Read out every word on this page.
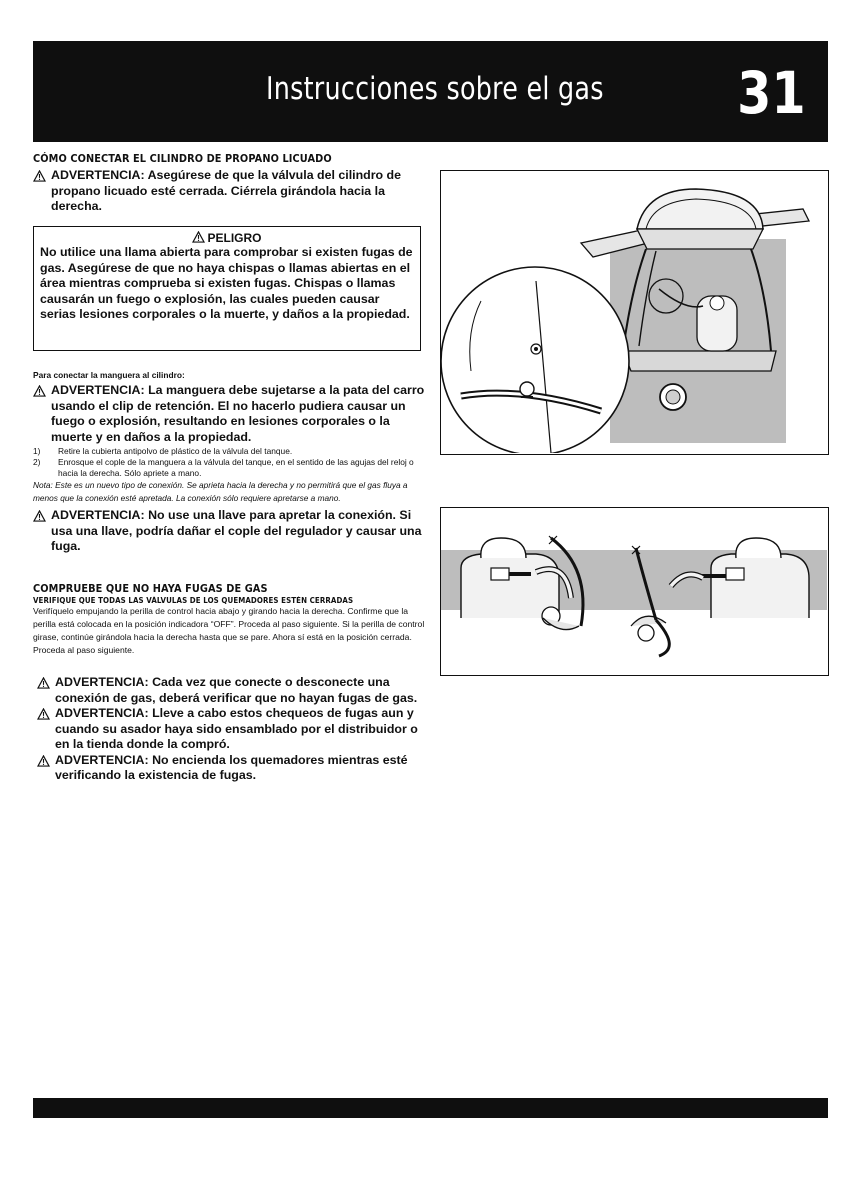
Instrucciones sobre el gas 31
CÓMO CONECTAR EL CILINDRO DE PROPANO LICUADO
ADVERTENCIA: Asegúrese de que la válvula del cilindro de propano licuado esté cerrada. Ciérrela girándola hacia la derecha.
PELIGRO
No utilice una llama abierta para comprobar si existen fugas de gas. Asegúrese de que no haya chispas o llamas abiertas en el área mientras comprueba si existen fugas. Chispas o llamas causarán un fuego o explosión, las cuales pueden causar serias lesiones corporales o la muerte, y daños a la propiedad.
Para conectar la manguera al cilindro:
ADVERTENCIA: La manguera debe sujetarse a la pata del carro usando el clip de retención. El no hacerlo pudiera causar un fuego o explosión, resultando en lesiones corporales o la muerte y en daños a la propiedad.
1) Retire la cubierta antipolvo de plástico de la válvula del tanque.
2) Enrosque el cople de la manguera a la válvula del tanque, en el sentido de las agujas del reloj o hacia la derecha. Sólo apriete a mano.
Nota: Este es un nuevo tipo de conexión. Se aprieta hacia la derecha y no permitirá que el gas fluya a menos que la conexión esté apretada. La conexión sólo requiere apretarse a mano.
ADVERTENCIA: No use una llave para apretar la conexión. Si usa una llave, podría dañar el cople del regulador y causar una fuga.
COMPRUEBE QUE NO HAYA FUGAS DE GAS
VERIFIQUE QUE TODAS LAS VÁLVULAS DE LOS QUEMADORES ESTÉN CERRADAS
Verifíquelo empujando la perilla de control hacia abajo y girando hacia la derecha. Confirme que la perilla está colocada en la posición indicadora “OFF”. Proceda al paso siguiente. Si la perilla de control girase, continúe girándola hacia la derecha hasta que se pare. Ahora sí está en la posición cerrada. Proceda al paso siguiente.
ADVERTENCIA: Cada vez que conecte o desconecte una conexión de gas, deberá verificar que no hayan fugas de gas.
ADVERTENCIA: Lleve a cabo estos chequeos de fugas aun y cuando su asador haya sido ensamblado por el distribuidor o en la tienda donde la compró.
ADVERTENCIA: No encienda los quemadores mientras esté verificando la existencia de fugas.
